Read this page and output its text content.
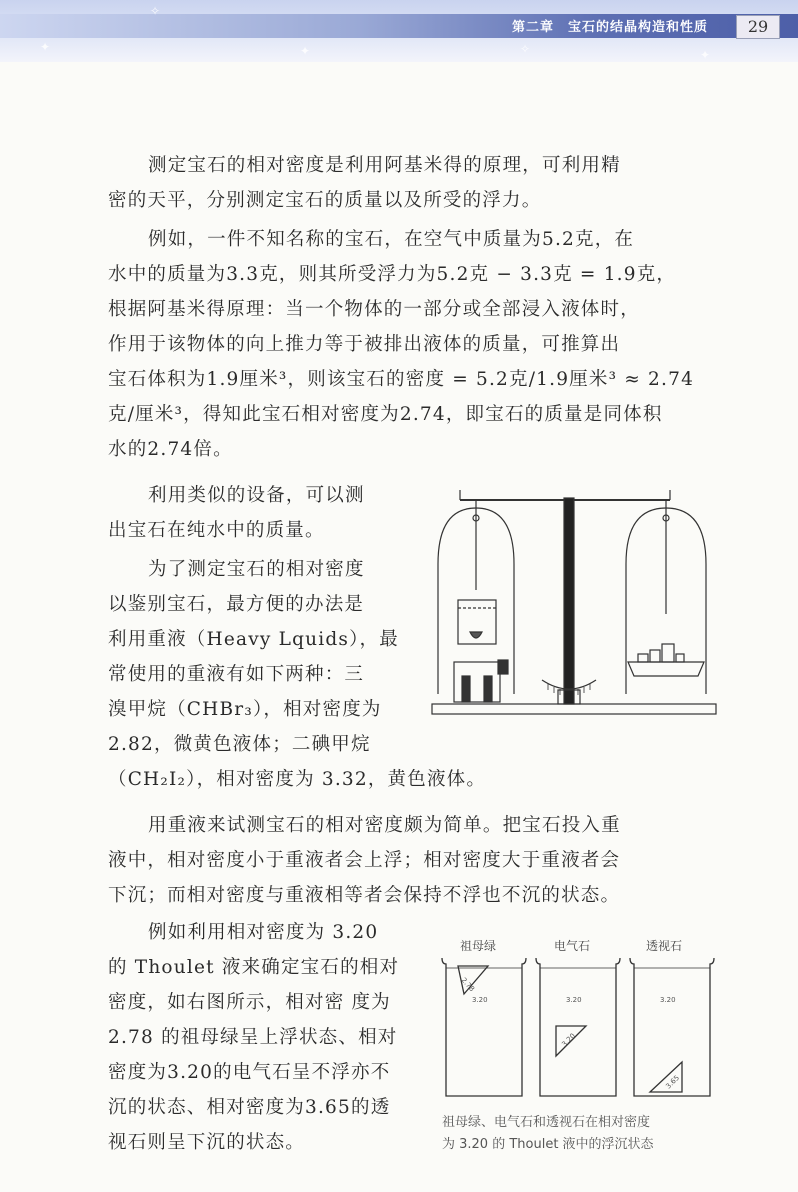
✦
✧
✦	✧	✦
第二章　宝石的结晶构造和性质	29
测定宝石的相对密度是利用阿基米得的原理，可利用精
密的天平，分别测定宝石的质量以及所受的浮力。
例如，一件不知名称的宝石，在空气中质量为5.2克，在
水中的质量为3.3克，则其所受浮力为5.2克 − 3.3克 = 1.9克，
根据阿基米得原理：当一个物体的一部分或全部浸入液体时，
作用于该物体的向上推力等于被排出液体的质量，可推算出
宝石体积为1.9厘米³，则该宝石的密度 = 5.2克/1.9厘米³ ≈ 2.74
克/厘米³，得知此宝石相对密度为2.74，即宝石的质量是同体积
水的2.74倍。
利用类似的设备，可以测
出宝石在纯水中的质量。
为了测定宝石的相对密度
以鉴别宝石，最方便的办法是
利用重液（Heavy Lquids），最
常使用的重液有如下两种：三
溴甲烷（CHBr₃），相对密度为
2.82，微黄色液体；二碘甲烷
（CH₂I₂），相对密度为 3.32，黄色液体。
用重液来试测宝石的相对密度颇为简单。把宝石投入重
液中，相对密度小于重液者会上浮；相对密度大于重液者会
下沉；而相对密度与重液相等者会保持不浮也不沉的状态。
例如利用相对密度为 3.20
的 Thoulet 液来确定宝石的相对
密度，如右图所示，相对密 度为
2.78 的祖母绿呈上浮状态、相对
密度为3.20的电气石呈不浮亦不
沉的状态、相对密度为3.65的透
视石则呈下沉的状态。
祖母绿	电气石	透视石
3.20	3.20	3.20
2.78
3.20
3.65
祖母绿、电气石和透视石在相对密度
为 3.20 的 Thoulet 液中的浮沉状态
